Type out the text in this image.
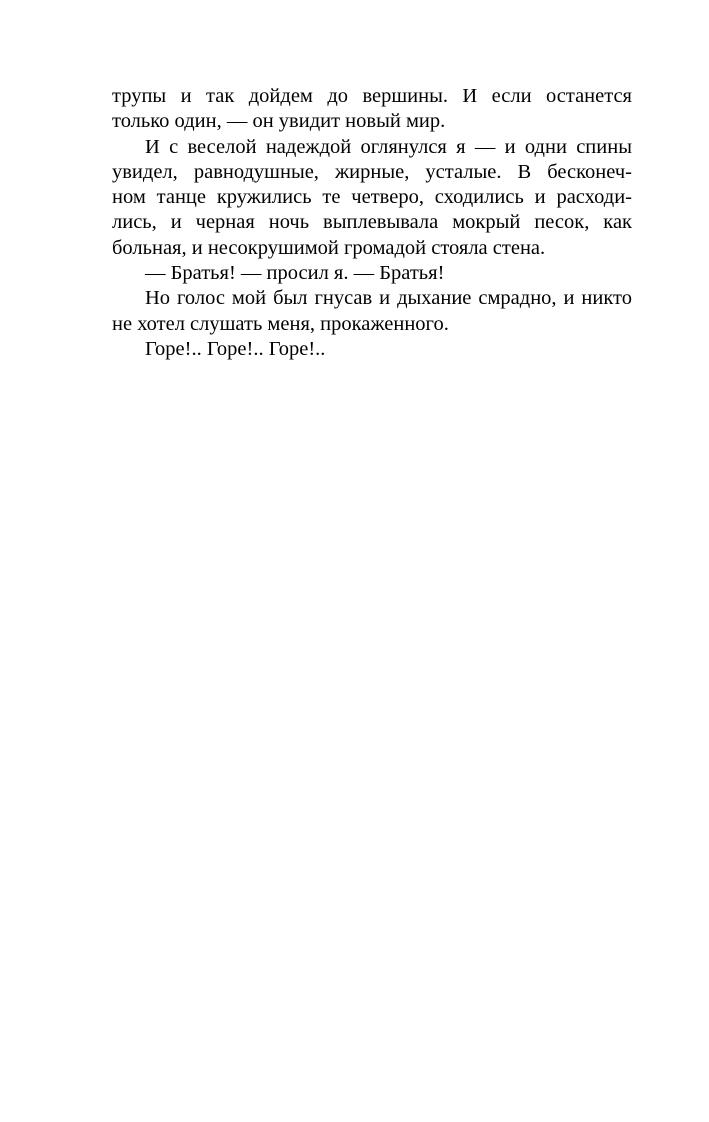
трупы и так дойдем до вершины. И если останется
только один, — он увидит новый мир.
И с веселой надеждой оглянулся я — и одни спины
увидел, равнодушные, жирные, усталые. В бесконеч-
ном танце кружились те четверо, сходились и расходи-
лись, и черная ночь выплевывала мокрый песок, как
больная, и несокрушимой громадой стояла стена.
— Братья! — просил я. — Братья!
Но голос мой был гнусав и дыхание смрадно, и никто
не хотел слушать меня, прокаженного.
Горе!.. Горе!.. Горе!..
